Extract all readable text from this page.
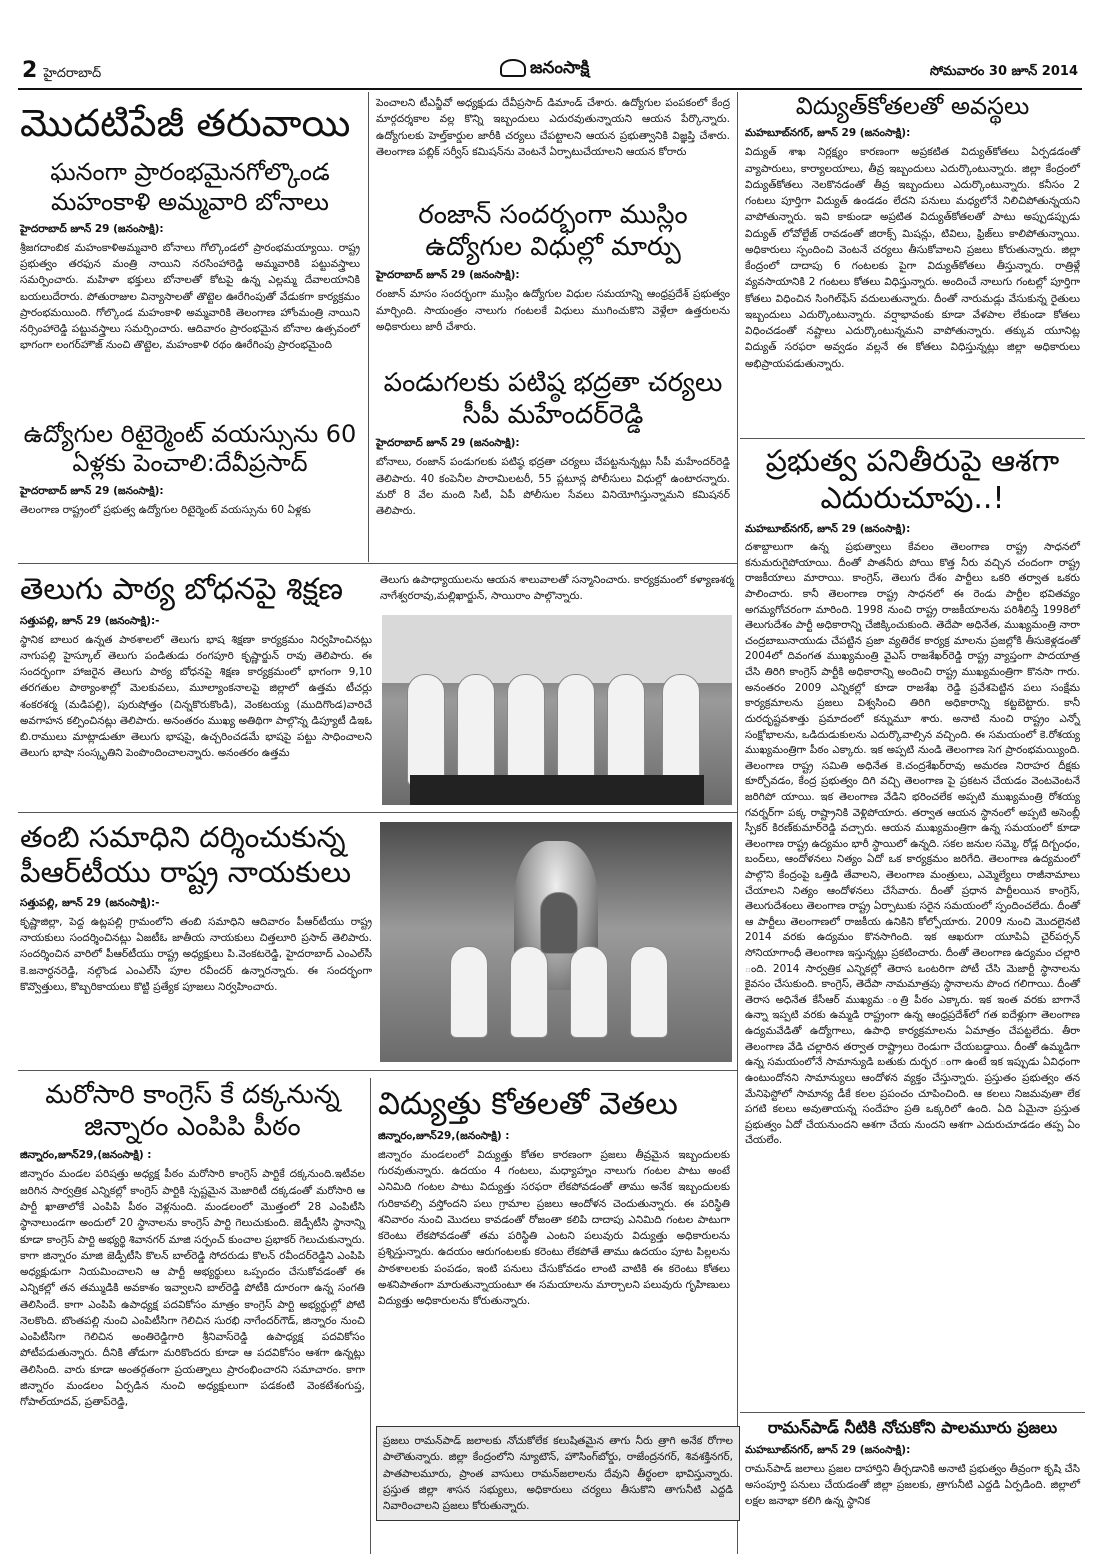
2 హైదరాబాద్	జనంసాక్షి	సోమవారం 30 జూన్ 2014
మొదటిపేజీ తరువాయి
ఘనంగా ప్రారంభమైనగోల్కొండ మహంకాళి అమ్మవారి బోనాలు
హైదరాబాద్ జూన్ 29 (జనంసాక్షి):

శ్రీజగదాంబిక మహంకాళిఅమ్మవారి బోనాలు గోల్కొండలో ప్రారంభమయ్యాయి. రాష్ట్ర ప్రభుత్వం తరఫున మంత్రి నాయిని నరసింహారెడ్డి అమ్మవారికి పట్టువస్త్రాలు సమర్పించారు. మహిళా భక్తులు బోనాలతో కోటపై ఉన్న ఎల్లమ్మ దేవాలయానికి బయలుదేరారు. పోతురాజుల విన్యాసాలతో తొట్టెల ఊరేగింపుతో వేడుకగా కార్యక్రమం ప్రారంభమయింది. గోల్కొండ మహంకాళి అమ్మవారికి తెలంగాణ హోంమంత్రి నాయిని నర్సింహారెడ్డి పట్టువస్త్రాలు సమర్పించారు. ఆదివారం ప్రారంభమైన బోనాల ఉత్సవంలో భాగంగా లంగర్‌హౌజ్ నుంచి తొట్టెల, మహంకాళి రథం ఊరేగింపు ప్రారంభమైంది

ఉద్యోగుల రిటైర్మెంట్ వయస్సును 60 ఏళ్లకు పెంచాలి:దేవీప్రసాద్
హైదరాబాద్ జూన్ 29 (జనంసాక్షి):

తెలంగాణ రాష్ట్రంలో ప్రభుత్వ ఉద్యోగుల రిటైర్మెంట్ వయస్సును 60 ఏళ్లకు

పెంచాలని టీఎన్జీవో అధ్యక్షుడు దేవీప్రసాద్ డిమాండ్ చేశారు. ఉద్యోగుల పంపకంలో కేంద్ర మార్గదర్శకాల వల్ల కొన్ని ఇబ్బందులు ఎదురవుతున్నాయని ఆయన పేర్కొన్నారు. ఉద్యోగులకు హెల్త్‌కార్డుల జారీకి చర్యలు చేపట్టాలని ఆయన ప్రభుత్వానికి విజ్ఞప్తి చేశారు. తెలంగాణ పబ్లిక్ సర్వీస్ కమిషన్‌ను వెంటనే ఏర్పాటుచేయాలని ఆయన కోరారు

రంజాన్ సందర్భంగా ముస్లిం ఉద్యోగుల విధుల్లో మార్పు
హైదరాబాద్ జూన్ 29 (జనంసాక్షి):

రంజాన్ మాసం సందర్భంగా ముస్లిం ఉద్యోగుల విధుల సమయాన్ని ఆంధ్రప్రదేశ్ ప్రభుత్వం మార్చింది. సాయంత్రం నాలుగు గంటలకే విధులు ముగించుకొని వెళ్లేలా ఉత్తరులను అధికారులు జారీ చేశారు.

పండుగలకు పటిష్ఠ భద్రతా చర్యలు సీపీ మహేందర్‌రెడ్డి
హైదరాబాద్ జూన్ 29 (జనంసాక్షి):

బోనాలు, రంజాన్ పండుగలకు పటిష్ఠ భద్రతా చర్యలు చేపట్టనున్నట్లు సీపీ మహేందర్‌రెడ్డి తెలిపారు. 40 కంపెనీల పారామిలటరీ, 55 ప్లటూన్ల పోలీసులు విధుల్లో ఉంటారన్నారు. మరో 8 వేల మంది సిటీ, ఏపీ పోలీసుల సేవలు వినియోగిస్తున్నామని కమిషనర్ తెలిపారు.

తెలుగు పాఠ్య బోధనపై శిక్షణ
సత్తుపల్లి, జూన్ 29 (జనంసాక్షి):-

స్థానిక బాలుర ఉన్నత పాఠశాలలో తెలుగు భాష శిక్షణా కార్యక్రమం నిర్వహించినట్లు నాగుపల్లి హైస్కూల్ తెలుగు పండితుడు రంగపూరి కృష్ణార్జున్ రావు తెలిపారు. ఈ సందర్భంగా హాజరైన తెలుగు పాఠ్య బోధనపై శిక్షణ కార్యక్రమంలో భాగంగా 9,10 తరగతుల పాఠ్యాంశాల్లో మెలకువలు, మూల్యాంకనాలపై జిల్లాలో ఉత్తమ టీచర్లు శంకరశర్మ (మడిపల్లి), పురుషోత్తం (చిన్నకొరుకొండి), వెంకటయ్య (ముదిగొండ)వారిచే అవగాహన కల్పించినట్లు తెలిపారు. అనంతరం ముఖ్య అతిథిగా పాల్గొన్న డిప్యూటీ డిఇఓ బి.రాములు మాట్లాడుతూ తెలుగు భాషపై, ఉచ్చరించడమే భాషపై పట్టు సాధించాలని తెలుగు భాషా సంస్కృతిని పెంపొందించాలన్నారు. అనంతరం ఉత్తమ

తెలుగు ఉపాధ్యాయులను ఆయన శాలువాలతో సన్మానించారు. కార్యక్రమంలో కళ్యాణశర్మ నాగేశ్వరరావు,మల్లిఖార్జున్, సాయిరాం పాల్గొన్నారు.

తంబి సమాధిని దర్శించుకున్న పీఆర్‌టీయు రాష్ట్ర నాయకులు
సత్తుపల్లి, జూన్ 29 (జనంసాక్షి):-

కృష్ణాజిల్లా, పెద్ద ఉట్లపల్లి గ్రామంలోని తంబి సమాధిని ఆదివారం పీఆర్‌టీయు రాష్ట్ర నాయకులు సందర్శించినట్లు ఏజటీఓ జాతీయ నాయకులు చిత్తలూరి ప్రసాద్ తెలిపారు. సందర్శించిన వారిలో పీఆర్‌టీయు రాష్ట్ర అధ్యక్షులు పి.వెంకటరెడ్డి, హైదరాబాద్ ఎంఎల్‌సీ కె.జనార్ధనరెడ్డి, నల్గొండ ఎంఎల్‌సీ పూల రవీందర్ ఉన్నారన్నారు. ఈ సందర్భంగా కొవ్వొత్తులు, కొబ్బరికాయలు కొట్టి ప్రత్యేక పూజలు నిర్వహించారు.

మరోసారి కాంగ్రెస్ కే దక్కనున్న జిన్నారం ఎంపిపి పీఠం
జిన్నారం,జూన్29,(జనంసాక్షి) :

జిన్నారం మండల పరిషత్తు అధ్యక్ష పీఠం మరోసారి కాంగ్రెస్ పార్టికే దక్కనుంది.ఇటీవల జరిగిన సార్వత్రిక ఎన్నికల్లో కాంగ్రెస్ పార్టికి స్పష్టమైన మెజారిటీ దక్కడంతో మరోసారి ఆ పార్టీ ఖాతాలోకే ఎంపిపి పీఠం వెళ్లనుంది. మండలంలో మొత్తంలో 28 ఎంపిటీసి స్థానాలుండగా అందులో 20 స్థానాలను కాంగ్రెస్ పార్టి గెలుచుకుంది. జెడ్పీటీసి స్థానాన్ని కూడా కాంగ్రెస్ పార్టి అభ్యర్థి శివానగర్ మాజి సర్పంచ్ కుంచాల ప్రభాకర్ గెలుచుకున్నారు. కాగా జిన్నారం మాజి జెడ్పీటీసి కొలన్ బాల్‌రెడ్డి సోదరుడు కొలన్ రవీందర్‌రెడ్డిని ఎంపిపి అధ్యక్షుడుగా నియమించాలని ఆ పార్టీ అభ్యర్థులు ఒప్పందం చేసుకోవడంతో ఈ ఎన్నికల్లో తన తమ్ముడికి అవకాశం ఇవ్వాలని బాల్‌రెడ్డి పోటీకి దూరంగా ఉన్న సంగతి తెలిసిందే. కాగా ఎంపిపి ఉపాధ్యక్ష పదవికోసం మాత్రం కాంగ్రెస్ పార్టి అభ్యర్థుల్లో పోటి నెలకొంది. బొంతపల్లి నుంచి ఎంపిటీసిగా గెలిచిన సురభి నాగేందర్‌గౌడ్, జిన్నారం నుంచి ఎంపిటీసిగా గెలిచిన అంతిరెడ్డిగారి శ్రీనివాస్‌రెడ్డి ఉపాధ్యక్ష పదవికోసం పోటీపడుతున్నారు. దీనికి తోడుగా మరికొందరు కూడా ఆ పదవికోసం ఆశగా ఉన్నట్లు తెలిసింది. వారు కూడా అంతర్గతంగా ప్రయత్నాలు ప్రారంభించారని సమాచారం. కాగా జిన్నారం మండలం ఏర్పడిన నుంచి అధ్యక్షులుగా పడకంటి వెంకటేశంగుప్త, గోపాల్‌యాదవ్, ప్రతాప్‌రెడ్డి,

విద్యుత్తు కోతలతో వెతలు
జిన్నారం,జూన్29,(జనంసాక్షి) :

జిన్నారం మండలంలో విద్యుత్తు కోతల కారణంగా ప్రజలు తీవ్రమైన ఇబ్బందులకు గురవుతున్నారు. ఉదయం 4 గంటలు, మధ్యాహ్నం నాలుగు గంటల పాటు అంటే ఎనిమిది గంటల పాటు విద్యుత్తు సరఫరా లేకపోవడంతో తాము అనేక ఇబ్బందులకు గురికావల్సి వస్తోందని పలు గ్రామాల ప్రజలు ఆందోళన చెందుతున్నారు. ఈ పరిస్థితి శనివారం నుంచి మొదలు కావడంతో రోజంతా కలిపి దాదాపు ఎనిమిది గంటల పాటుగా కరెంటు లేకపోవడంతో తమ పరిస్థితి ఎంటని పలువురు విద్యుత్తు అధికారులను ప్రశ్నిస్తున్నారు. ఉదయం ఆరుగంటలకు కరెంటు లేకపోతే తాము ఉదయం పూట పిల్లలను పాఠశాలలకు పంపడం, ఇంటి పనులు చేసుకోవడం లాంటి వాటికి ఈ కరెంటు కోతలు అశనిపాతంగా మారుతున్నాయంటూ ఈ సమయాలను మార్చాలని పలువురు గృహిణులు విద్యుత్తు అధికారులను కోరుతున్నారు.

ప్రజలు రామన్‌పాడ్ జలాలకు నోచుకోలేక కలుషితమైన తాగు నీరు త్రాగి అనేక రోగాల పాలౌతున్నారు. జిల్లా కేంద్రంలోని న్యూటౌన్, హౌసింగ్‌బోర్డు, రాజేంద్రనగర్, శివశక్తినగర్, పాతపాలమూరు, ప్రాంత వాసులు రామన్‌జలాలను దేవుని తీర్థంలా భావిస్తున్నారు. ప్రస్తుత జిల్లా శాసన సభ్యులు, అధికారులు చర్యలు తీసుకొని తాగునీటి ఎద్దడి నివారించాలని ప్రజలు కోరుతున్నారు.

విద్యుత్‌కోతలతో అవస్థలు
మహబూబ్‌నగర్, జూన్ 29 (జనంసాక్షి):

విద్యుత్ శాఖ నిర్లక్ష్యం కారణంగా అప్రకటిత విద్యుత్‌కోతలు ఏర్పడడంతో వ్యాపారులు, కార్యాలయాలు, తీవ్ర ఇబ్బందులు ఎదుర్కొంటున్నారు. జిల్లా కేంద్రంలో విద్యుత్‌కోతలు నెలకొనడంతో తీవ్ర ఇబ్బందులు ఎదుర్కొంటున్నారు. కనీసం 2 గంటలు పూర్తిగా విద్యుత్ ఉండడం లేదని పనులు మధ్యలోనే నిలిచిపోతున్నయని వాపోతున్నారు. ఇవి కాకుండా అప్రటిత విద్యుత్‌కోతలతో పాటు అప్పుడప్పుడు విద్యుత్ లోవోల్టేజ్ రావడంతో జిరాక్స్ మిషన్లు, టివిలు, ఫ్రిజ్‌లు కాలిపోతున్నాయి. అధికారులు స్పందించి వెంటనే చర్యలు తీసుకోవాలని ప్రజలు కోరుతున్నారు. జిల్లా కేంద్రంలో దాదాపు 6 గంటలకు పైగా విద్యుత్‌కోతలు తీస్తున్నారు. రాత్రిళ్లే వ్యవసాయానికి 2 గంటలు కోతలు విధిస్తున్నారు. అందించే నాలుగు గంటల్లో పూర్తిగా కోతలు విధించిన సింగిల్‌ఫేస్ వదులుతున్నారు. దీంతో నారుమడ్లు వేసుకున్న రైతులు ఇబ్బందులు ఎదుర్కొంటున్నారు. వర్షాభావంకు కూడా వేళపాల లేకుండా కోతలు విధించడంతో నష్టాలు ఎదుర్కొంటున్నమని వాపోతున్నారు. తక్కువ యూనిట్ల విద్యుత్ సరఫరా అవ్వడం వల్లనే ఈ కోతలు విధిస్తున్నట్లు జిల్లా అధికారులు అభిప్రాయపడుతున్నారు.

ప్రభుత్వ పనితీరుపై ఆశగా ఎదురుచూపు..!
మహబూబ్‌నగర్, జూన్ 29 (జనంసాక్షి):

దశాబ్దాలుగా ఉన్న ప్రభుత్వాలు కేవలం తెలంగాణ రాష్ట్ర సాధనలో కనుమరుగైపోయాయి. దీంతో పాతనీరు పోయి కొత్త నీరు వచ్చిన చందంగా రాష్ట్ర రాజకీయాలు మారాయి. కాంగ్రెస్, తెలుగు దేశం పార్టీలు ఒకరి తర్వాత ఒకరు పాలించారు. కానీ తెలంగాణ రాష్ట్ర సాధనలో ఈ రెండు పార్టీల భవితవ్యం అగమ్యగోచరంగా మారింది. 1998 నుంచి రాష్ట్ర రాజకీయాలను పరిశీలిస్తే 1998లో తెలుగుదేశం పార్టీ అధికారాన్ని చేజిక్కించుకుంది. తెదేపా అధినేత, ముఖ్యమంత్రి నారా చంద్రబాబునాయుడు చేపట్టిన ప్రజా వ్యతిరేక కార్యక్ర మాలను ప్రజల్లోకి తీసుకెళ్లడంతో 2004లో దివంగత ముఖ్యమంత్రి వైఎస్ రాజశేఖర్‌రెడ్డి రాష్ట్ర వ్యాప్తంగా పాదయాత్ర చేసి తిరిగి కాంగ్రెస్ పార్టీకి అధికారాన్ని అందించి రాష్ట్ర ముఖ్యమంత్రిగా కొనసా గారు. అనంతరం 2009 ఎన్నికల్లో కూడా రాజశేఖ రెడ్డి ప్రవేశపెట్టిన పలు సంక్షేమ కార్యక్రమాలను ప్రజలు విశ్వసించి తిరిగి అధికారాన్ని కట్టబెట్టారు. కానీ దురదృష్టవశాత్తు ప్రమాదంలో కన్నుమూ శారు. అనాటి నుంచి రాష్ట్రం ఎన్నో సంక్షోభాలను, ఒడిదుడుకులను ఎదుర్కొవాల్సిన వచ్చింది. ఈ సమయంలో కె.రోశయ్య ముఖ్యమంత్రిగా పీఠం ఎక్కారు. ఇక అప్పటి నుండి తెలంగాణ సెగ ప్రారంభమయ్యింది. తెలంగాణ రాష్ట్ర సమితి అధినేత కె.చంద్రశేఖర్‌రావు అమరణ నిరాహర దీక్షకు కూర్చోవడం, కేంద్ర ప్రభుత్వం దిగి వచ్చి తెలంగాణ పై ప్రకటన చేయడం వెంటవెంటనే జరిగిపో యాయి. ఇక తెలంగాణ వేడిని భరించలేక అప్పటి ముఖ్యమంత్రి రోశయ్య గవర్నర్‌గా పక్క రాష్ట్రానికి వెళ్లిపోయారు. తర్వాత ఆయన స్థానంలో అప్పటి అసెంబ్లీ స్పీకర్ కిరణ్‌కుమార్‌రెడ్డి వచ్చారు. ఆయన ముఖ్యమంత్రిగా ఉన్న సమయంలో కూడా తెలంగాణ రాష్ట్ర ఉద్యమం భారీ స్థాయిలో ఉన్నది. సకల జనుల సమ్మె, రోడ్ల దిగ్బంధం, బంద్‌లు, ఆందోళనలు నిత్యం ఏదో ఒక కార్యక్రమం జరిగేది. తెలంగాణ ఉద్యమంలో పాల్గొని కేంద్రంపై ఒత్తిడి తేవాలని, తెలంగాణ మంత్రులు, ఎమ్మెల్యేలు రాజీనామాలు చేయాలని నిత్యం ఆందోళనలు చేసేవారు. దీంతో ప్రధాన పార్టీలయిన కాంగ్రెస్, తెలుగుదేశంలు తెలంగాణ రాష్ట్ర ఏర్పాటుకు సరైన సమయంలో స్పందించలేదు. దీంతో ఆ పార్టీలు తెలంగాణలో రాజకీయ ఉనికిని కోల్పోయారు. 2009 నుంచి మొదలైనటి 2014 వరకు ఉద్యమం కొనసాగింది. ఇక ఆఖరుగా యూపిఏ చైర్‌పర్సన్ సోనియాగాంధీ తెలంగాణ ఇస్తున్నట్లు ప్రకటించారు. దీంతో తెలంగాణ ఉద్యమం చల్లారి ంది. 2014 సార్వత్రిక ఎన్నికల్లో తెరాస ఒంటరిగా పోటీ చేసి మెజార్టీ స్థానాలను కైవసం చేసుకుంది. కాంగ్రెస్, తెదేపా నామమాత్రపు స్థానాలను పొంద గలిగాయి. దీంతో తెరాస అధినేత కేసీఆర్ ముఖ్యమ ంత్రి పీఠం ఎక్కారు. ఇక ఇంత వరకు బాగానే ఉన్నా ఇప్పటి వరకు ఉమ్మడి రాష్ట్రంగా ఉన్న ఆంధ్రప్రదేశ్‌లో గత ఐదేళ్లుగా తెలంగాణ ఉద్యమవేడితో ఉద్యోగాలు, ఉపాధి కార్యక్రమాలను ఏమాత్రం చేపట్టలేదు. తీరా తెలంగాణ వేడి చల్లారిన తర్వాత రాష్ట్రాలు రెండుగా చేయబడ్డాయి. దీంతో ఉమ్మడిగా ఉన్న సమయంలోనే సామాన్యుడి బతుకు దుర్భర ంగా ఉంటే ఇక ఇప్పుడు ఏవిధంగా ఉంటుందోనని సామాన్యులు ఆందోళన వ్యక్తం చేస్తున్నారు. ప్రస్తుతం ప్రభుత్వం తన మేనిఫెస్టోలో సామాన్య డీకే కలల ప్రపంచం చూపించింది. ఆ కలలు నిజమవుతా లేక పగటి కలలు అవుతాయన్న సందేహం ప్రతి ఒక్కరిలో ఉంది. ఏది ఏమైనా ప్రస్తుత ప్రభుత్వం ఏదో చేయనుందని ఆశగా చేయ నుందని ఆశగా ఎదురుచూడడం తప్ప ఏం చేయలేం.

రామన్‌పాడ్ నీటికి నోచుకోని పాలమూరు ప్రజలు
మహబూబ్‌నగర్, జూన్ 29 (జనంసాక్షి):

రామన్‌పాడ్ జలాలు ప్రజల దాహార్తిని తీర్చడానికి అనాటి ప్రభుత్వం తీవ్రంగా కృషి చేసి అసంపూర్తి పనులు చేయడంతో జిల్లా ప్రజలకు, త్రాగునీటి ఎద్దడి ఏర్పడింది. జిల్లాలో లక్షల జనాభా కలిగి ఉన్న స్థానిక
